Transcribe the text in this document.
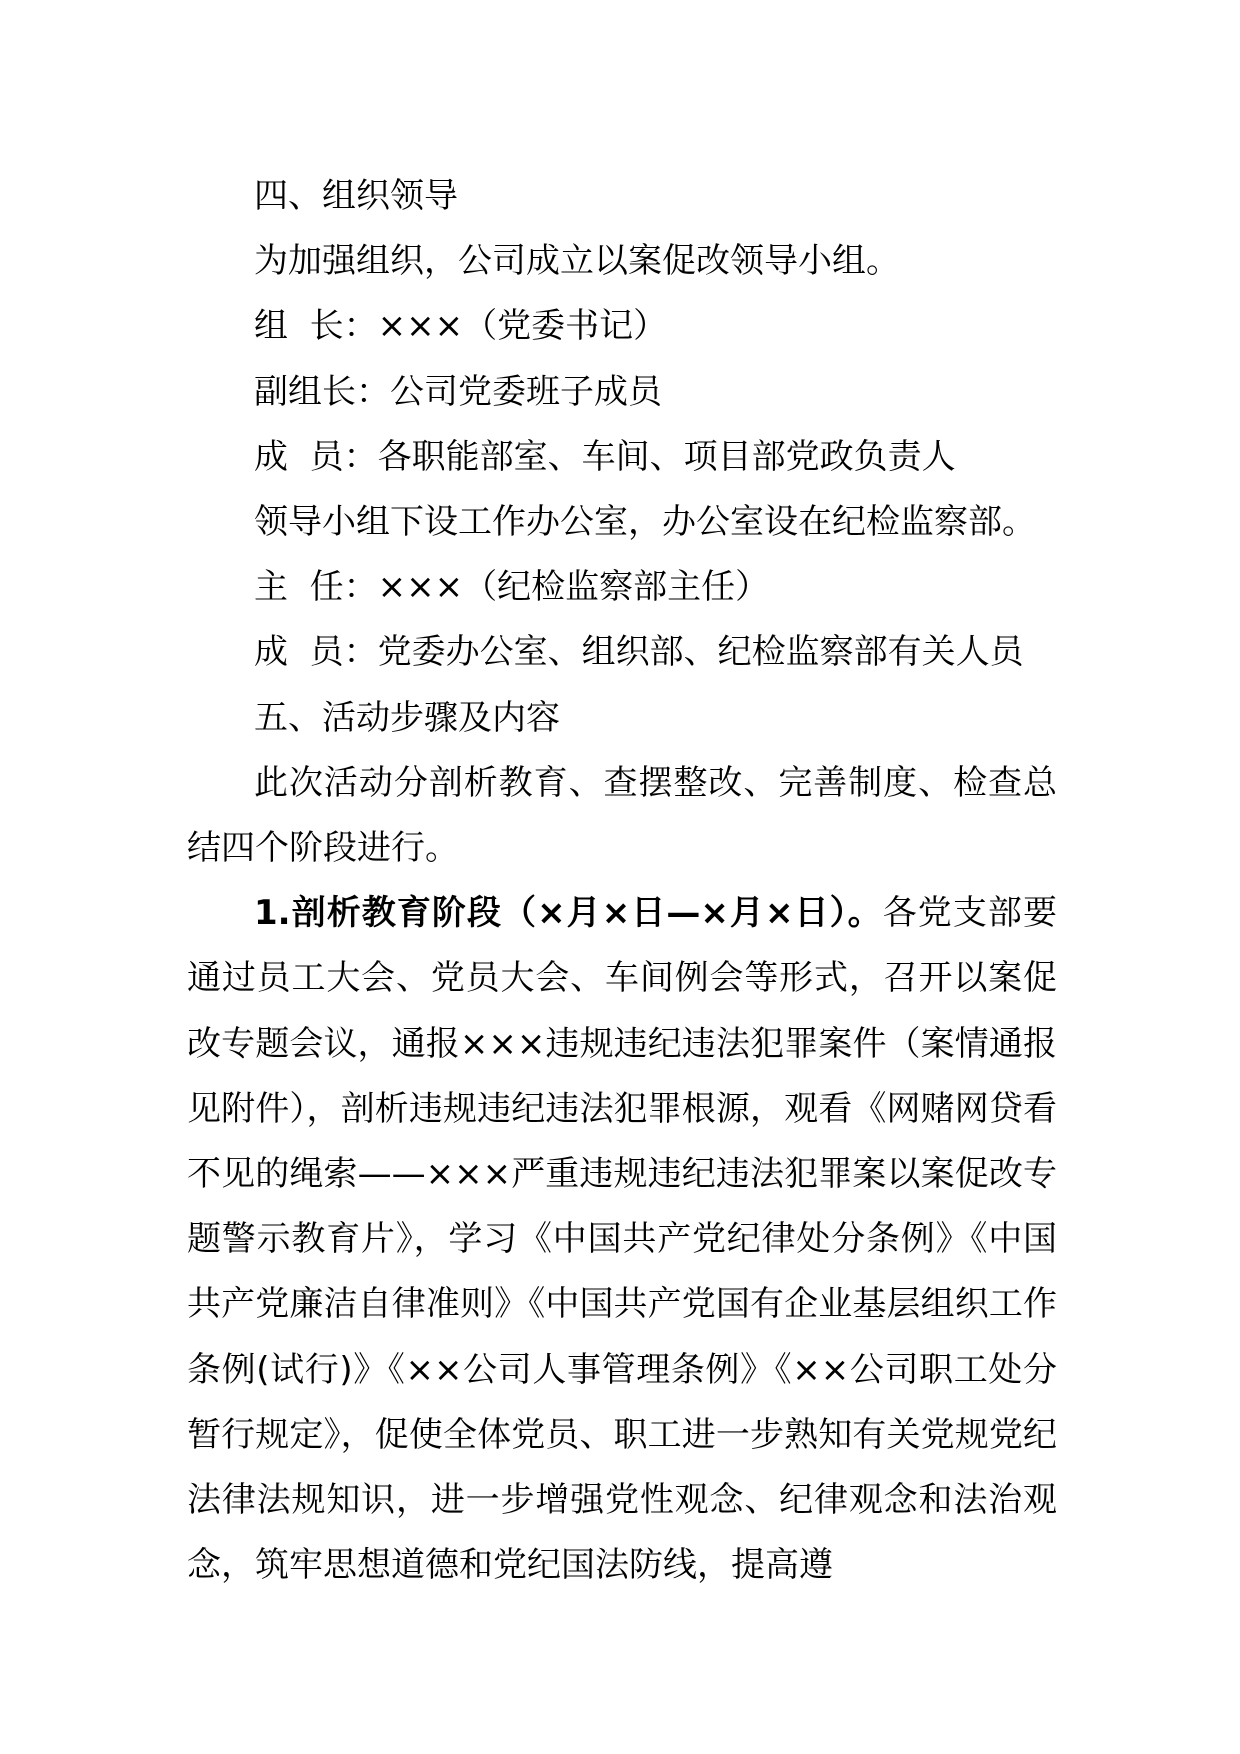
四、组织领导
为加强组织，公司成立以案促改领导小组。
组  长：×××（党委书记）
副组长：公司党委班子成员
成  员：各职能部室、车间、项目部党政负责人
领导小组下设工作办公室，办公室设在纪检监察部。
主  任：×××（纪检监察部主任）
成  员：党委办公室、组织部、纪检监察部有关人员
五、活动步骤及内容

此次活动分剖析教育、查摆整改、完善制度、检查总结四个阶段进行。

1.剖析教育阶段（×月×日—×月×日）。各党支部要通过员工大会、党员大会、车间例会等形式，召开以案促改专题会议，通报×××违规违纪违法犯罪案件（案情通报见附件），剖析违规违纪违法犯罪根源，观看《网赌网贷看不见的绳索——×××严重违规违纪违法犯罪案以案促改专题警示教育片》，学习《中国共产党纪律处分条例》《中国共产党廉洁自律准则》《中国共产党国有企业基层组织工作条例(试行)》《××公司人事管理条例》《××公司职工处分暂行规定》，促使全体党员、职工进一步熟知有关党规党纪法律法规知识，进一步增强党性观念、纪律观念和法治观念，筑牢思想道德和党纪国法防线，提高遵
